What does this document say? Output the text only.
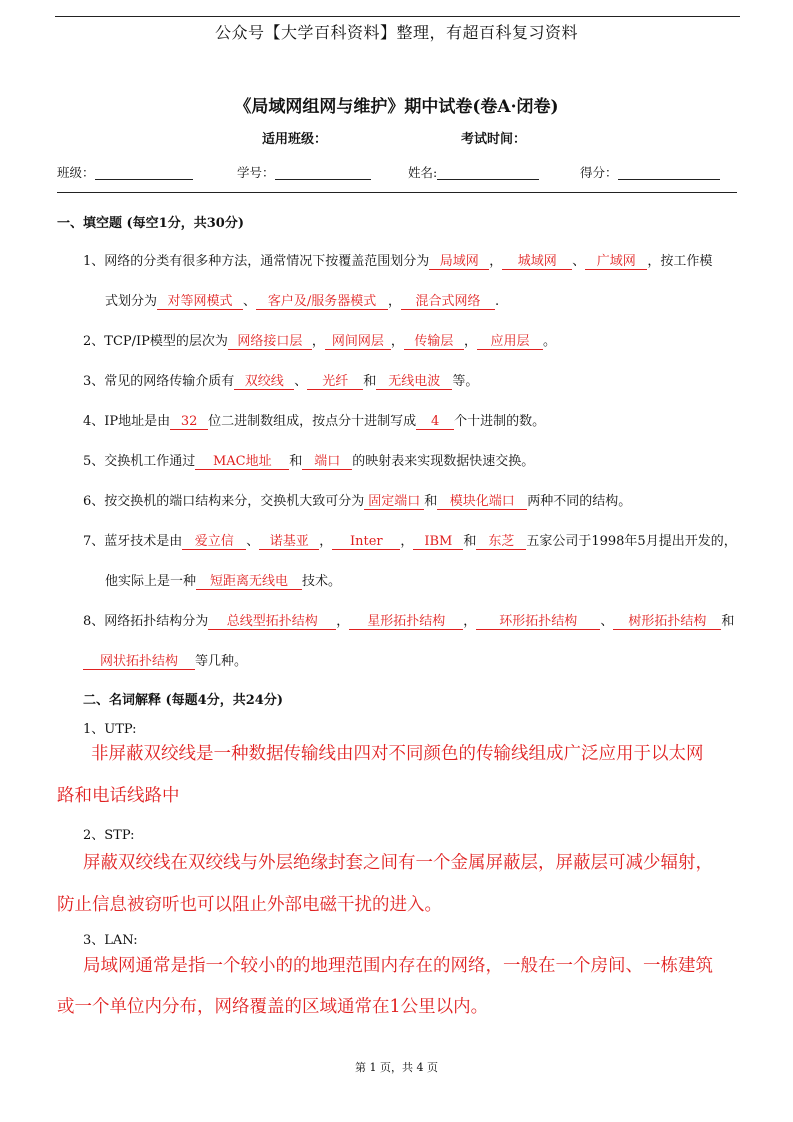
公众号【大学百科资料】整理，有超百科复习资料
《局域网组网与维护》期中试卷(卷A·闭卷)
适用班级：	考试时间：
班级：	学号：	姓名:	得分：
一、填空题 (每空1分，共30分)
1、网络的分类有很多种方法，通常情况下按覆盖范围划分为 局域网 ， 城域网 、 广域网 ，按工作模
式划分为 对等网模式 、 客户及/服务器模式 ， 混合式网络 .
2、TCP/IP模型的层次为 网络接口层 ， 网间网层 ， 传输层 ， 应用层 。
3、常见的网络传输介质有 双绞线 、 光纤 和 无线电波 等。
4、IP地址是由 32 位二进制数组成，按点分十进制写成 4 个十进制的数。
5、交换机工作通过 MAC地址 和 端口 的映射表来实现数据快速交换。
6、按交换机的端口结构来分，交换机大致可分为 固定端口 和 模块化端口 两种不同的结构。
7、蓝牙技术是由 爱立信 、 诺基亚 ， Inter ， IBM 和 东芝 五家公司于1998年5月提出开发的，
他实际上是一种 短距离无线电 技术。
8、网络拓扑结构分为 总线型拓扑结构 ， 星形拓扑结构 ， 环形拓扑结构 、 树形拓扑结构 和
网状拓扑结构 等几种。
二、名词解释 (每题4分，共24分)
1、UTP:
非屏蔽双绞线是一种数据传输线由四对不同颜色的传输线组成广泛应用于以太网
路和电话线路中
2、STP:
屏蔽双绞线在双绞线与外层绝缘封套之间有一个金属屏蔽层，屏蔽层可减少辐射，
防止信息被窃听也可以阻止外部电磁干扰的进入。
3、LAN:
局域网通常是指一个较小的的地理范围内存在的网络，一般在一个房间、一栋建筑
或一个单位内分布，网络覆盖的区域通常在1公里以内。
第 1 页，共 4 页
